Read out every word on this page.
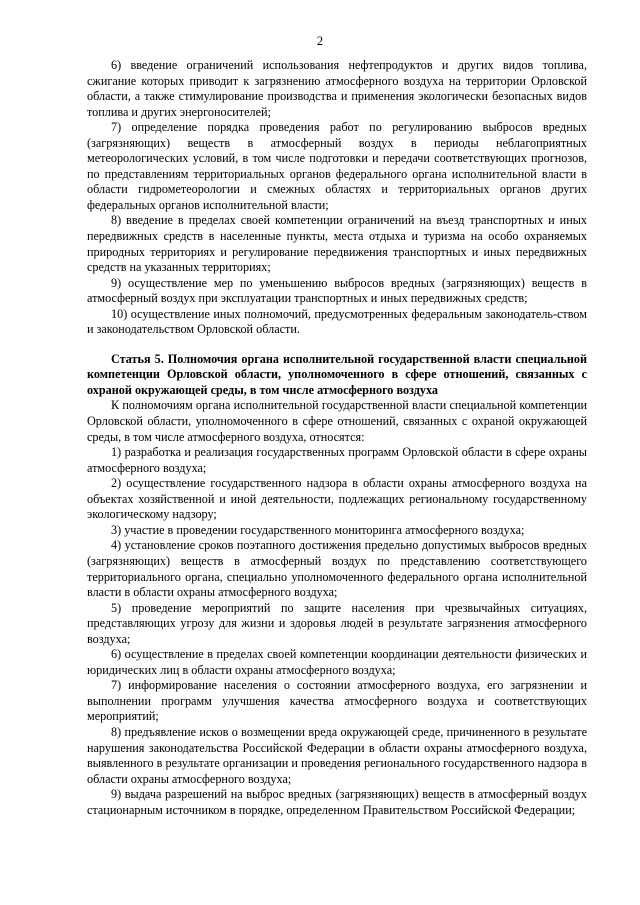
2

6) введение ограничений использования нефтепродуктов и других видов топлива, сжигание которых приводит к загрязнению атмосферного воздуха на территории Орловской области, а также стимулирование производства и применения экологически безопасных видов топлива и других энергоносителей;

7) определение порядка проведения работ по регулированию выбросов вредных (загрязняющих) веществ в атмосферный воздух в периоды неблагоприятных метеорологических условий, в том числе подготовки и передачи соответствующих прогнозов, по представлениям территориальных органов федерального органа исполнительной власти в области гидрометеорологии и смежных областях и территориальных органов других федеральных органов исполнительной власти;

8) введение в пределах своей компетенции ограничений на въезд транспортных и иных передвижных средств в населенные пункты, места отдыха и туризма на особо охраняемых природных территориях и регулирование передвижения транспортных и иных передвижных средств на указанных территориях;

9) осуществление мер по уменьшению выбросов вредных (загрязняющих) веществ в атмосферный воздух при эксплуатации транспортных и иных передвижных средств;

10) осуществление иных полномочий, предусмотренных федеральным законодатель-ством и законодательством Орловской области.

Статья 5. Полномочия органа исполнительной государственной власти специальной компетенции Орловской области, уполномоченного в сфере отношений, связанных с охраной окружающей среды, в том числе атмосферного воздуха

К полномочиям органа исполнительной государственной власти специальной компетенции Орловской области, уполномоченного в сфере отношений, связанных с охраной окружающей среды, в том числе атмосферного воздуха, относятся:

1) разработка и реализация государственных программ Орловской области в сфере охраны атмосферного воздуха;

2) осуществление государственного надзора в области охраны атмосферного воздуха на объектах хозяйственной и иной деятельности, подлежащих региональному государственному экологическому надзору;

3) участие в проведении государственного мониторинга атмосферного воздуха;

4) установление сроков поэтапного достижения предельно допустимых выбросов вредных (загрязняющих) веществ в атмосферный воздух по представлению соответствующего территориального органа, специально уполномоченного федерального органа исполнительной власти в области охраны атмосферного воздуха;

5) проведение мероприятий по защите населения при чрезвычайных ситуациях, представляющих угрозу для жизни и здоровья людей в результате загрязнения атмосферного воздуха;

6) осуществление в пределах своей компетенции координации деятельности физических и юридических лиц в области охраны атмосферного воздуха;

7) информирование населения о состоянии атмосферного воздуха, его загрязнении и выполнении программ улучшения качества атмосферного воздуха и соответствующих мероприятий;

8) предъявление исков о возмещении вреда окружающей среде, причиненного в результате нарушения законодательства Российской Федерации в области охраны атмосферного воздуха, выявленного в результате организации и проведения регионального государственного надзора в области охраны атмосферного воздуха;

9) выдача разрешений на выброс вредных (загрязняющих) веществ в атмосферный воздух стационарным источником в порядке, определенном Правительством Российской Федерации;
